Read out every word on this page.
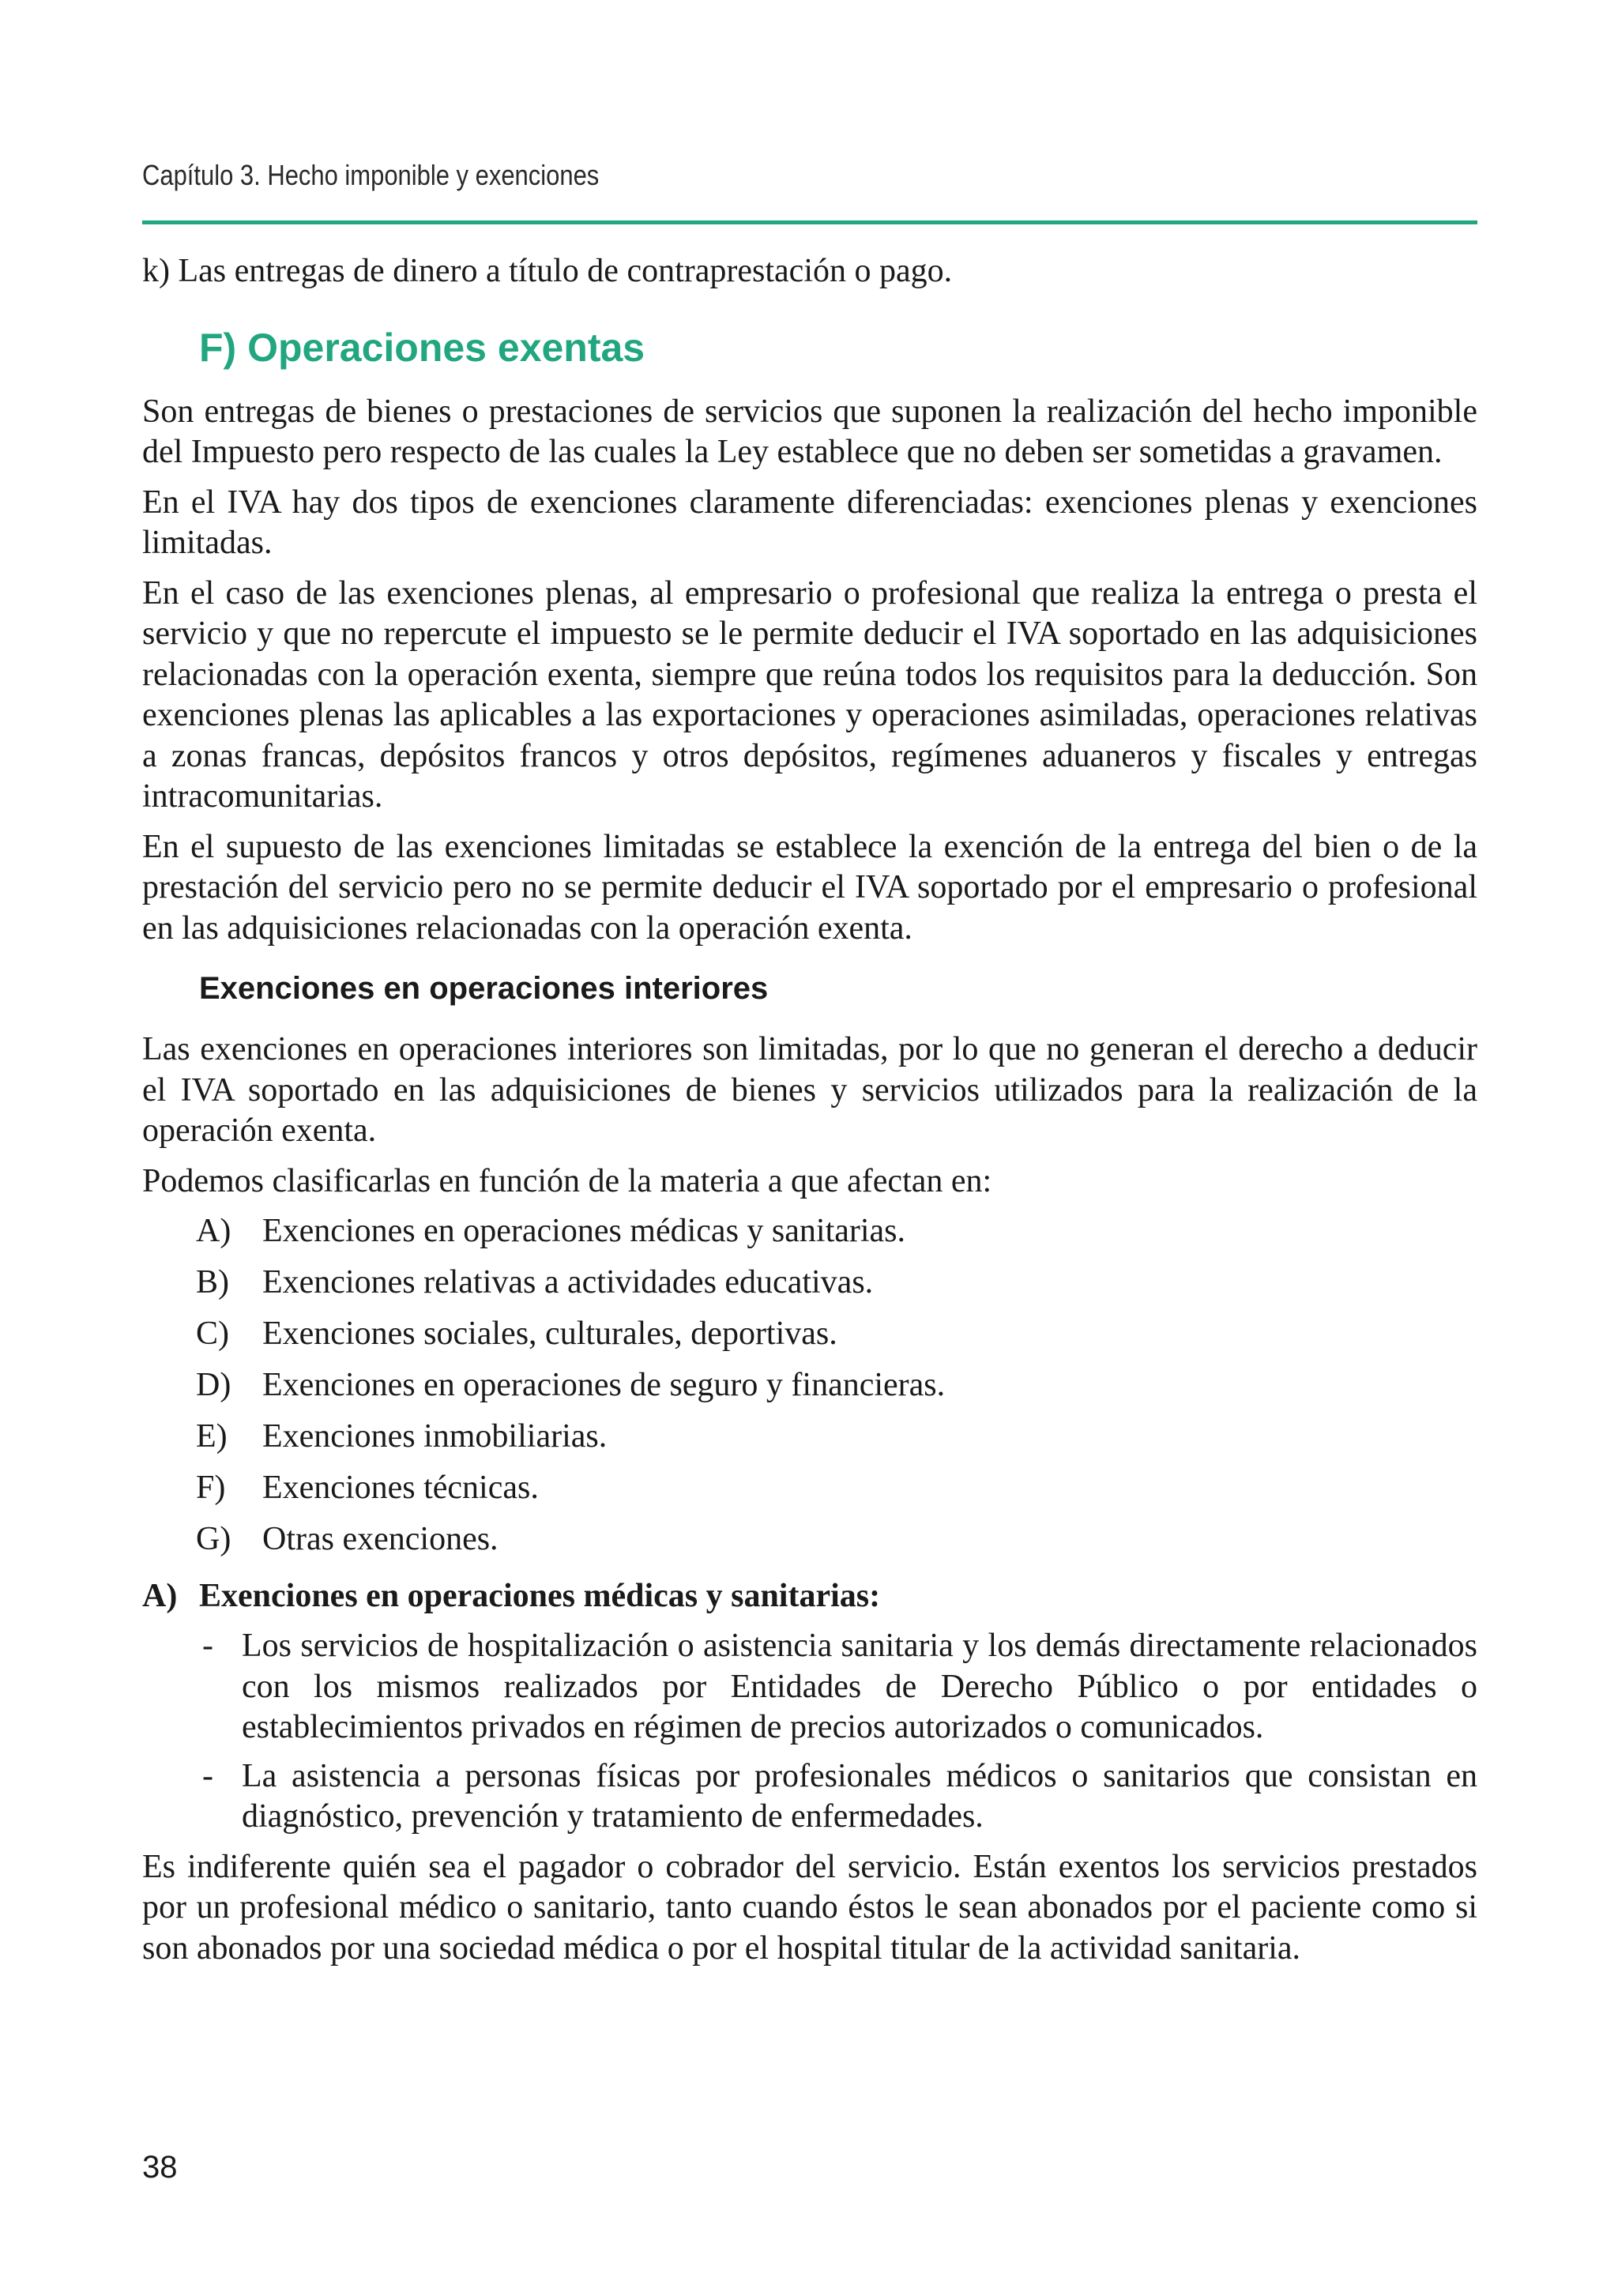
Capítulo 3. Hecho imponible y exenciones

k) Las entregas de dinero a título de contraprestación o pago.

F) Operaciones exentas

Son entregas de bienes o prestaciones de servicios que suponen la realización del hecho imponible del Impuesto pero respecto de las cuales la Ley establece que no deben ser sometidas a gravamen.

En el IVA hay dos tipos de exenciones claramente diferenciadas: exenciones plenas y exenciones limitadas.

En el caso de las exenciones plenas, al empresario o profesional que realiza la entrega o presta el servicio y que no repercute el impuesto se le permite deducir el IVA soportado en las adquisiciones relacionadas con la operación exenta, siempre que reúna todos los requisitos para la deducción. Son exenciones plenas las aplicables a las exportaciones y operaciones asimiladas, operaciones relativas a zonas francas, depósitos francos y otros depósitos, regímenes aduaneros y fiscales y entregas intracomunitarias.

En el supuesto de las exenciones limitadas se establece la exención de la entrega del bien o de la prestación del servicio pero no se permite deducir el IVA soportado por el empresario o profesional en las adquisiciones relacionadas con la operación exenta.

Exenciones en operaciones interiores

Las exenciones en operaciones interiores son limitadas, por lo que no generan el derecho a deducir el IVA soportado en las adquisiciones de bienes y servicios utilizados para la realización de la operación exenta.

Podemos clasificarlas en función de la materia a que afectan en:

A) Exenciones en operaciones médicas y sanitarias.
B) Exenciones relativas a actividades educativas.
C) Exenciones sociales, culturales, deportivas.
D) Exenciones en operaciones de seguro y financieras.
E) Exenciones inmobiliarias.
F) Exenciones técnicas.
G) Otras exenciones.

A) Exenciones en operaciones médicas y sanitarias:

- Los servicios de hospitalización o asistencia sanitaria y los demás directamente relacionados con los mismos realizados por Entidades de Derecho Público o por entidades o establecimientos privados en régimen de precios autorizados o comunicados.
- La asistencia a personas físicas por profesionales médicos o sanitarios que consistan en diagnóstico, prevención y tratamiento de enfermedades.

Es indiferente quién sea el pagador o cobrador del servicio. Están exentos los servicios prestados por un profesional médico o sanitario, tanto cuando éstos le sean abonados por el paciente como si son abonados por una sociedad médica o por el hospital titular de la actividad sanitaria.

38
